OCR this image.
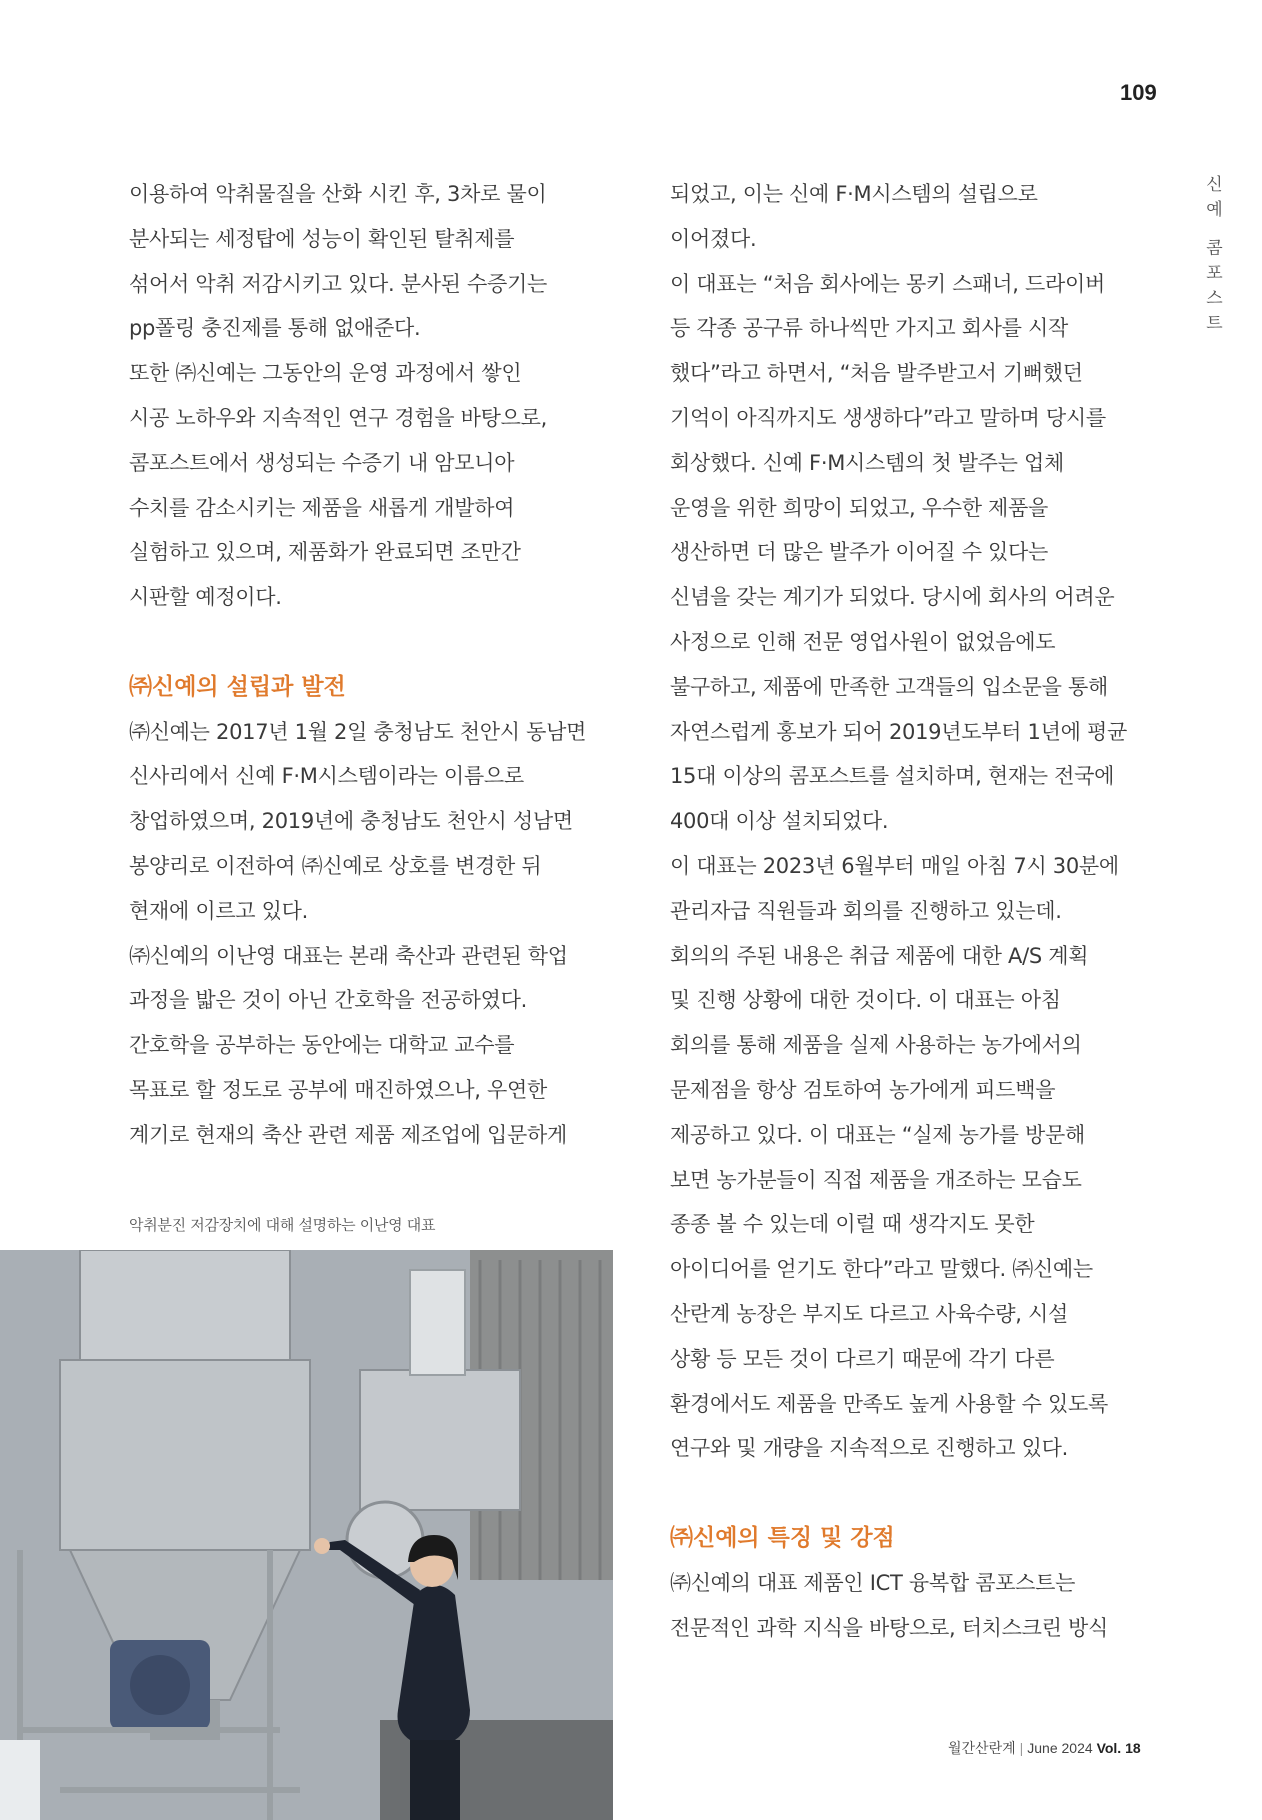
109
신예 콤포스트

이용하여 악취물질을 산화 시킨 후, 3차로 물이

분사되는 세정탑에 성능이 확인된 탈취제를

섞어서 악취 저감시키고 있다. 분사된 수증기는

pp폴링 충진제를 통해 없애준다.

또한 ㈜신예는 그동안의 운영 과정에서 쌓인

시공 노하우와 지속적인 연구 경험을 바탕으로,

콤포스트에서 생성되는 수증기 내 암모니아

수치를 감소시키는 제품을 새롭게 개발하여

실험하고 있으며, 제품화가 완료되면 조만간

시판할 예정이다.

㈜신예의 설립과 발전

㈜신예는 2017년 1월 2일 충청남도 천안시 동남면

신사리에서 신예 F·M시스템이라는 이름으로

창업하였으며, 2019년에 충청남도 천안시 성남면

봉양리로 이전하여 ㈜신예로 상호를 변경한 뒤

현재에 이르고 있다.

㈜신예의 이난영 대표는 본래 축산과 관련된 학업

과정을 밟은 것이 아닌 간호학을 전공하였다.

간호학을 공부하는 동안에는 대학교 교수를

목표로 할 정도로 공부에 매진하였으나, 우연한

계기로 현재의 축산 관련 제품 제조업에 입문하게

악취분진 저감장치에 대해 설명하는 이난영 대표

되었고, 이는 신예 F·M시스템의 설립으로

이어졌다.

이 대표는 “처음 회사에는 몽키 스패너, 드라이버

등 각종 공구류 하나씩만 가지고 회사를 시작

했다”라고 하면서, “처음 발주받고서 기뻐했던

기억이 아직까지도 생생하다”라고 말하며 당시를

회상했다. 신예 F·M시스템의 첫 발주는 업체

운영을 위한 희망이 되었고, 우수한 제품을

생산하면 더 많은 발주가 이어질 수 있다는

신념을 갖는 계기가 되었다. 당시에 회사의 어려운

사정으로 인해 전문 영업사원이 없었음에도

불구하고, 제품에 만족한 고객들의 입소문을 통해

자연스럽게 홍보가 되어 2019년도부터 1년에 평균

15대 이상의 콤포스트를 설치하며, 현재는 전국에

400대 이상 설치되었다.

이 대표는 2023년 6월부터 매일 아침 7시 30분에

관리자급 직원들과 회의를 진행하고 있는데.

회의의 주된 내용은 취급 제품에 대한 A/S 계획

및 진행 상황에 대한 것이다. 이 대표는 아침

회의를 통해 제품을 실제 사용하는 농가에서의

문제점을 항상 검토하여 농가에게 피드백을

제공하고 있다. 이 대표는 “실제 농가를 방문해

보면 농가분들이 직접 제품을 개조하는 모습도

종종 볼 수 있는데 이럴 때 생각지도 못한

아이디어를 얻기도 한다”라고 말했다. ㈜신예는

산란계 농장은 부지도 다르고 사육수량, 시설

상황 등 모든 것이 다르기 때문에 각기 다른

환경에서도 제품을 만족도 높게 사용할 수 있도록

연구와 및 개량을 지속적으로 진행하고 있다.

㈜신예의 특징 및 강점

㈜신예의 대표 제품인 ICT 융복합 콤포스트는

전문적인 과학 지식을 바탕으로, 터치스크린 방식

월간산란계 | June 2024 Vol. 18
